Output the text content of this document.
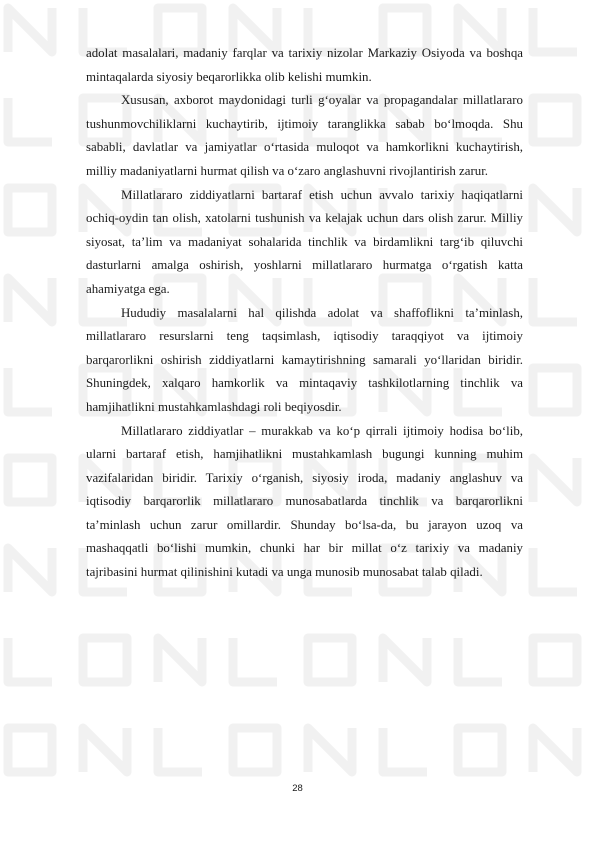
adolat masalalari, madaniy farqlar va tarixiy nizolar Markaziy Osiyoda va boshqa mintaqalarda siyosiy beqarorlikka olib kelishi mumkin.

Xususan, axborot maydonidagi turli g‘oyalar va propagandalar millatlararo tushunmovchiliklarni kuchaytirib, ijtimoiy taranglikka sabab bo‘lmoqda. Shu sababli, davlatlar va jamiyatlar o‘rtasida muloqot va hamkorlikni kuchaytirish, milliy madaniyatlarni hurmat qilish va o‘zaro anglashuvni rivojlantirish zarur.

Millatlararo ziddiyatlarni bartaraf etish uchun avvalo tarixiy haqiqatlarni ochiq-oydin tan olish, xatolarni tushunish va kelajak uchun dars olish zarur. Milliy siyosat, ta’lim va madaniyat sohalarida tinchlik va birdamlikni targ‘ib qiluvchi dasturlarni amalga oshirish, yoshlarni millatlararo hurmatga o‘rgatish katta ahamiyatga ega.

Hududiy masalalarni hal qilishda adolat va shaffoflikni ta’minlash, millatlararo resurslarni teng taqsimlash, iqtisodiy taraqqiyot va ijtimoiy barqarorlikni oshirish ziddiyatlarni kamaytirishning samarali yo‘llaridan biridir. Shuningdek, xalqaro hamkorlik va mintaqaviy tashkilotlarning tinchlik va hamjihatlikni mustahkamlashdagi roli beqiyosdir.

Millatlararo ziddiyatlar – murakkab va ko‘p qirrali ijtimoiy hodisa bo‘lib, ularni bartaraf etish, hamjihatlikni mustahkamlash bugungi kunning muhim vazifalaridan biridir. Tarixiy o‘rganish, siyosiy iroda, madaniy anglashuv va iqtisodiy barqarorlik millatlararo munosabatlarda tinchlik va barqarorlikni ta’minlash uchun zarur omillardir. Shunday bo‘lsa-da, bu jarayon uzoq va mashaqqatli bo‘lishi mumkin, chunki har bir millat o‘z tarixiy va madaniy tajribasini hurmat qilinishini kutadi va unga munosib munosabat talab qiladi.

28
